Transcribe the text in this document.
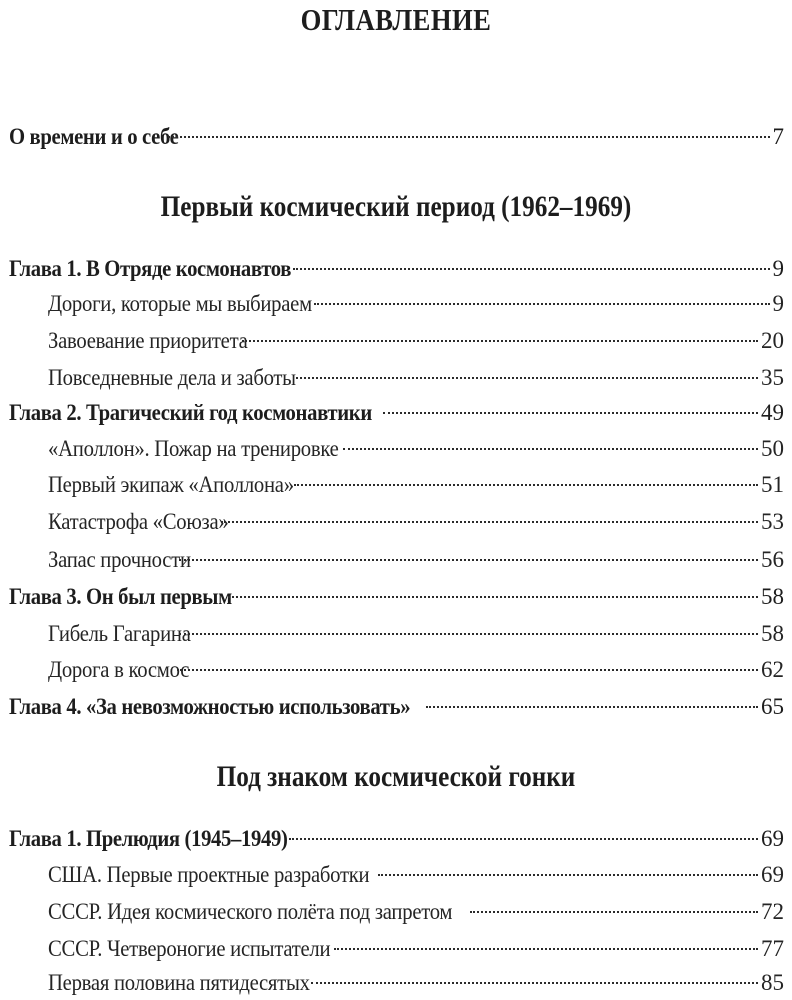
ОГЛАВЛЕНИЕ
О времени и о себе	7
Первый космический период (1962–1969)
Глава 1. В Отряде космонавтов	9
Дороги, которые мы выбираем	9
Завоевание приоритета	20
Повседневные дела и заботы	35
Глава 2. Трагический год космонавтики	49
«Аполлон». Пожар на тренировке	50
Первый экипаж «Аполлона»	51
Катастрофа «Союза»	53
Запас прочности	56
Глава 3. Он был первым	58
Гибель Гагарина	58
Дорога в космос	62
Глава 4. «За невозможностью использовать»	65
Под знаком космической гонки
Глава 1. Прелюдия (1945–1949)	69
США. Первые проектные разработки	69
СССР. Идея космического полёта под запретом	72
СССР. Четвероногие испытатели	77
Первая половина пятидесятых	85
